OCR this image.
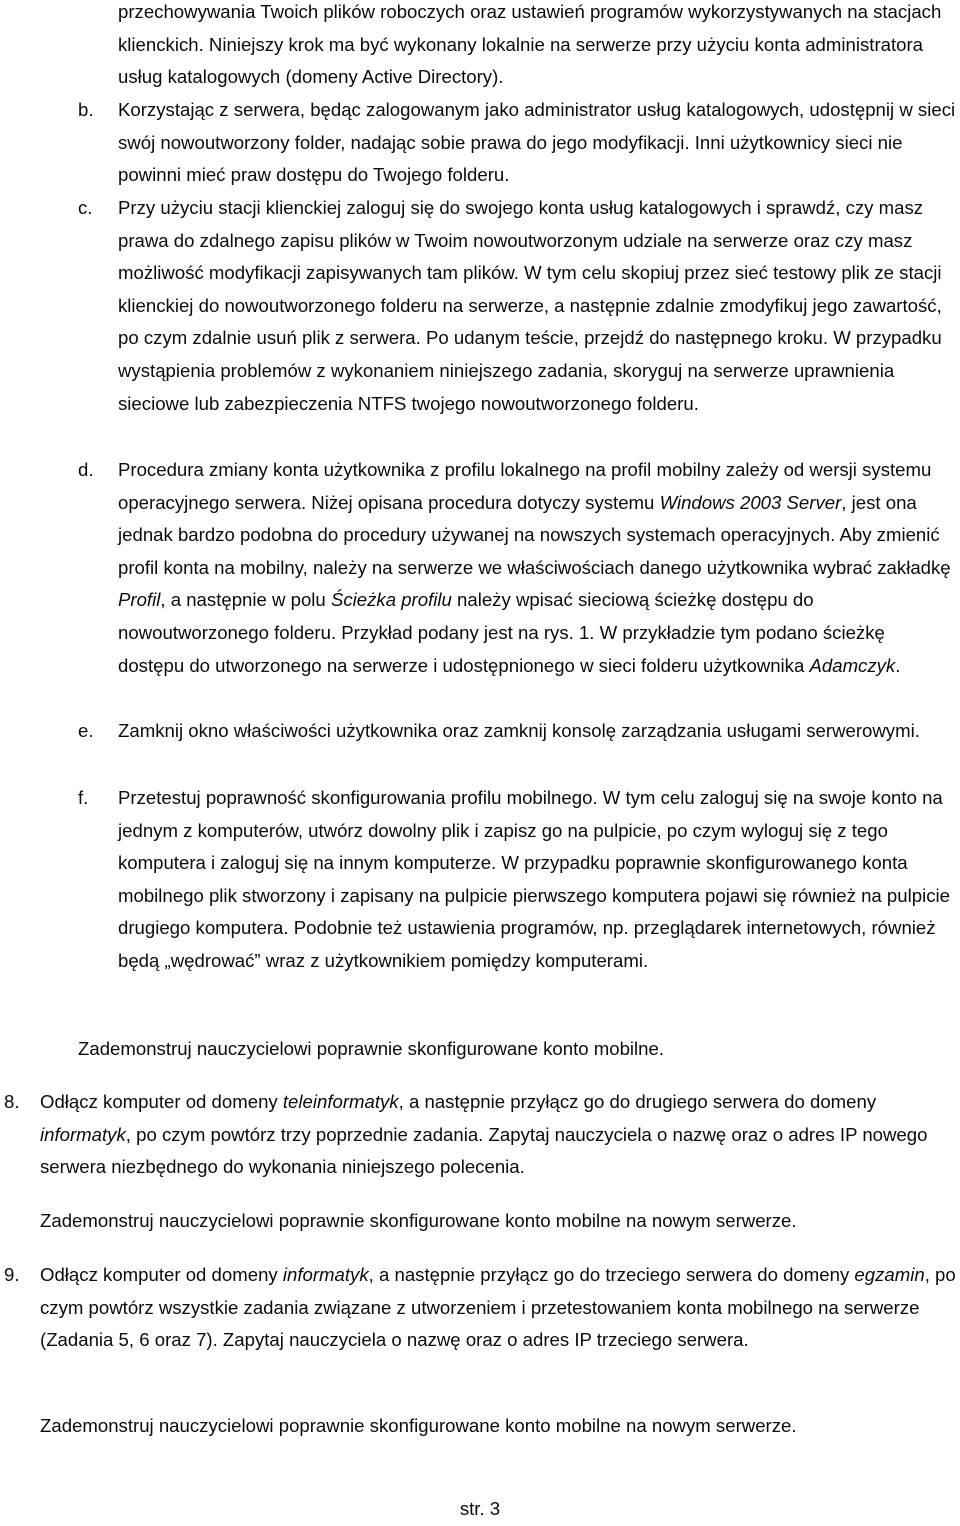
przechowywania Twoich plików roboczych oraz ustawień programów wykorzystywanych na stacjach klienckich. Niniejszy krok ma być wykonany lokalnie na serwerze przy użyciu konta administratora usług katalogowych (domeny Active Directory).

b. Korzystając z serwera, będąc zalogowanym jako administrator usług katalogowych, udostępnij w sieci swój nowoutworzony folder, nadając sobie prawa do jego modyfikacji. Inni użytkownicy sieci nie powinni mieć praw dostępu do Twojego folderu.

c. Przy użyciu stacji klienckiej zaloguj się do swojego konta usług katalogowych i sprawdź, czy masz prawa do zdalnego zapisu plików w Twoim nowoutworzonym udziale na serwerze oraz czy masz możliwość modyfikacji zapisywanych tam plików. W tym celu skopiuj przez sieć testowy plik ze stacji klienckiej do nowoutworzonego folderu na serwerze, a następnie zdalnie zmodyfikuj jego zawartość, po czym zdalnie usuń plik z serwera. Po udanym teście, przejdź do następnego kroku. W przypadku wystąpienia problemów z wykonaniem niniejszego zadania, skoryguj na serwerze uprawnienia sieciowe lub zabezpieczenia NTFS twojego nowoutworzonego folderu.

d. Procedura zmiany konta użytkownika z profilu lokalnego na profil mobilny zależy od wersji systemu operacyjnego serwera. Niżej opisana procedura dotyczy systemu Windows 2003 Server, jest ona jednak bardzo podobna do procedury używanej na nowszych systemach operacyjnych. Aby zmienić profil konta na mobilny, należy na serwerze we właściwościach danego użytkownika wybrać zakładkę Profil, a następnie w polu Ścieżka profilu należy wpisać sieciową ścieżkę dostępu do nowoutworzonego folderu. Przykład podany jest na rys. 1. W przykładzie tym podano ścieżkę dostępu do utworzonego na serwerze i udostępnionego w sieci folderu użytkownika Adamczyk.

e. Zamknij okno właściwości użytkownika oraz zamknij konsolę zarządzania usługami serwerowymi.

f. Przetestuj poprawność skonfigurowania profilu mobilnego. W tym celu zaloguj się na swoje konto na jednym z komputerów, utwórz dowolny plik i zapisz go na pulpicie, po czym wyloguj się z tego komputera i zaloguj się na innym komputerze. W przypadku poprawnie skonfigurowanego konta mobilnego plik stworzony i zapisany na pulpicie pierwszego komputera pojawi się również na pulpicie drugiego komputera. Podobnie też ustawienia programów, np. przeglądarek internetowych, również będą „wędrować” wraz z użytkownikiem pomiędzy komputerami.

Zademonstruj nauczycielowi poprawnie skonfigurowane konto mobilne.

8. Odłącz komputer od domeny teleinformatyk, a następnie przyłącz go do drugiego serwera do domeny informatyk, po czym powtórz trzy poprzednie zadania. Zapytaj nauczyciela o nazwę oraz o adres IP nowego serwera niezbędnego do wykonania niniejszego polecenia.

Zademonstruj nauczycielowi poprawnie skonfigurowane konto mobilne na nowym serwerze.

9. Odłącz komputer od domeny informatyk, a następnie przyłącz go do trzeciego serwera do domeny egzamin, po czym powtórz wszystkie zadania związane z utworzeniem i przetestowaniem konta mobilnego na serwerze (Zadania 5, 6 oraz 7). Zapytaj nauczyciela o nazwę oraz o adres IP trzeciego serwera.

Zademonstruj nauczycielowi poprawnie skonfigurowane konto mobilne na nowym serwerze.

str. 3
